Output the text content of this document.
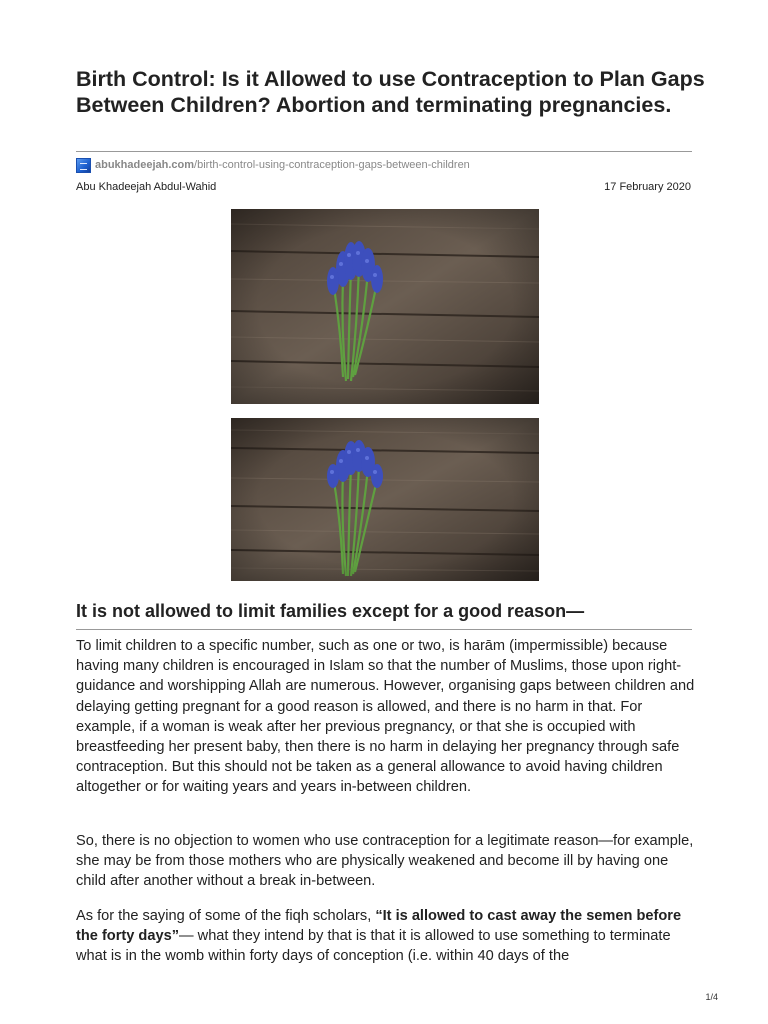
Birth Control: Is it Allowed to use Contraception to Plan Gaps Between Children? Abortion and terminating pregnancies.
abukhadeejah.com /birth-control-using-contraception-gaps-between-children
Abu Khadeejah Abdul-Wahid	17 February 2020
It is not allowed to limit families except for a good reason—

To limit children to a specific number, such as one or two, is harām (impermissible) because having many children is encouraged in Islam so that the number of Muslims, those upon right-guidance and worshipping Allah are numerous. However, organising gaps between children and delaying getting pregnant for a good reason is allowed, and there is no harm in that. For example, if a woman is weak after her previous pregnancy, or that she is occupied with breastfeeding her present baby, then there is no harm in delaying her pregnancy through safe contraception. But this should not be taken as a general allowance to avoid having children altogether or for waiting years and years in-between children.

So, there is no objection to women who use contraception for a legitimate reason—for example, she may be from those mothers who are physically weakened and become ill by having one child after another without a break in-between.

As for the saying of some of the fiqh scholars, “It is allowed to cast away the semen before the forty days”— what they intend by that is that it is allowed to use something to terminate what is in the womb within forty days of conception (i.e. within 40 days of the

1/4
